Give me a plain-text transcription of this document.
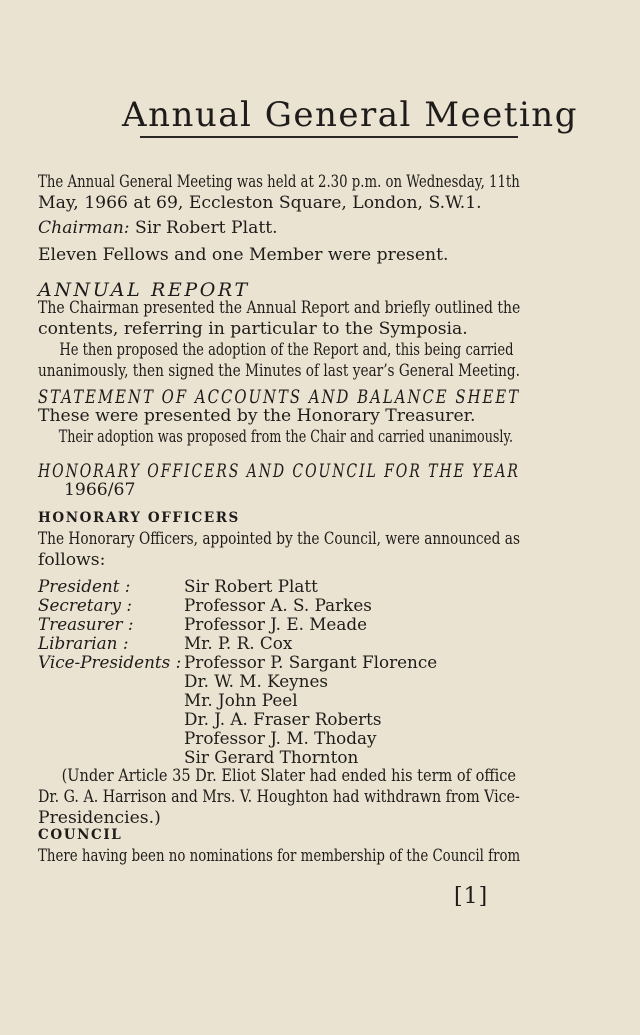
Annual General Meeting
The Annual General Meeting was held at 2.30 p.m. on Wednesday, 11th
May, 1966 at 69, Eccleston Square, London, S.W.1.
Chairman: Sir Robert Platt.
Eleven Fellows and one Member were present.
ANNUAL REPORT
The Chairman presented the Annual Report and briefly outlined the
contents, referring in particular to the Symposia.
He then proposed the adoption of the Report and, this being carried
unanimously, then signed the Minutes of last year’s General Meeting.
STATEMENT OF ACCOUNTS AND BALANCE SHEET
These were presented by the Honorary Treasurer.
Their adoption was proposed from the Chair and carried unanimously.
HONORARY OFFICERS AND COUNCIL FOR THE YEAR
1966/67
HONORARY OFFICERS
The Honorary Officers, appointed by the Council, were announced as
follows:
President :	Sir Robert Platt
Secretary :	Professor A. S. Parkes
Treasurer :	Professor J. E. Meade
Librarian :	Mr. P. R. Cox
Vice-Presidents : Professor P. Sargant Florence
Dr. W. M. Keynes
Mr. John Peel
Dr. J. A. Fraser Roberts
Professor J. M. Thoday
Sir Gerard Thornton
(Under Article 35 Dr. Eliot Slater had ended his term of office
Dr. G. A. Harrison and Mrs. V. Houghton had withdrawn from Vice-
Presidencies.)
COUNCIL
There having been no nominations for membership of the Council from
[1]
